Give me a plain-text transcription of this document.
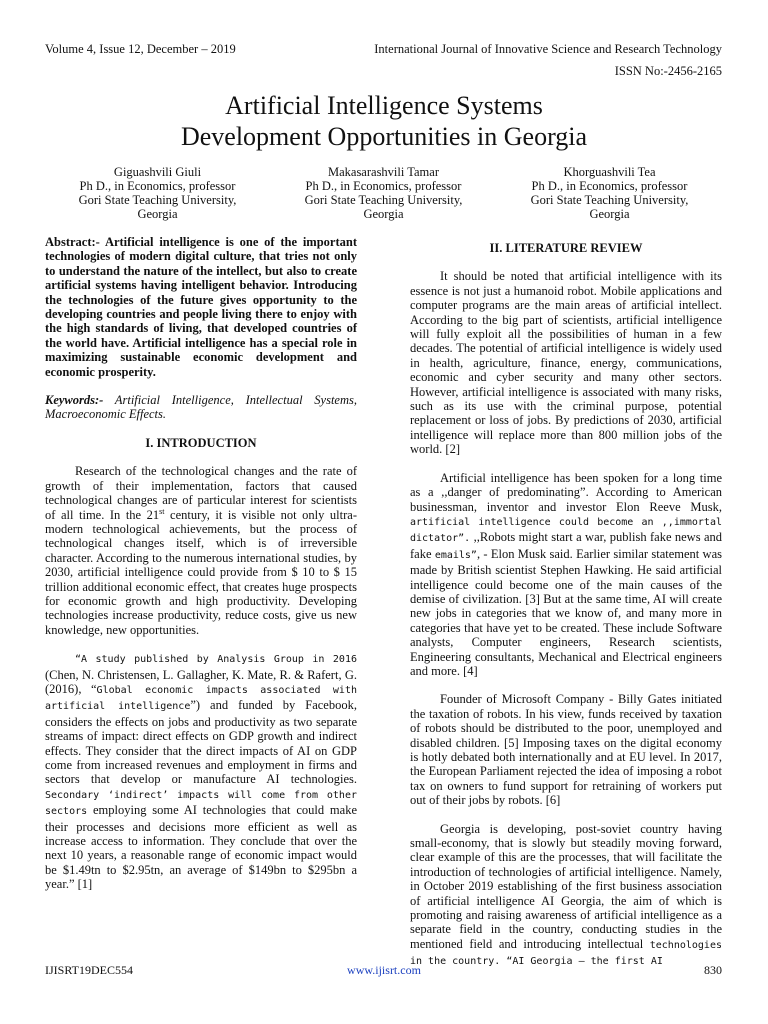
Volume 4, Issue 12, December – 2019	International Journal of Innovative Science and Research Technology
ISSN No:-2456-2165
Artificial Intelligence Systems
Development Opportunities in Georgia
Giguashvili Giuli
Ph D., in Economics, professor
Gori State Teaching University,
Georgia
Makasarashvili Tamar
Ph D., in Economics, professor
Gori State Teaching University,
Georgia
Khorguashvili Tea
Ph D., in Economics, professor
Gori State Teaching University,
Georgia

Abstract:- Artificial intelligence is one of the important technologies of modern digital culture, that tries not only to understand the nature of the intellect, but also to create artificial systems having intelligent behavior. Introducing the technologies of the future gives opportunity to the developing countries and people living there to enjoy with the high standards of living, that developed countries of the world have. Artificial intelligence has a special role in maximizing sustainable economic development and economic prosperity.

Keywords:- Artificial Intelligence, Intellectual Systems, Macroeconomic Effects.

I. INTRODUCTION

Research of the technological changes and the rate of growth of their implementation, factors that caused technological changes are of particular interest for scientists of all time. In the 21st century, it is visible not only ultra-modern technological achievements, but the process of technological changes itself, which is of irreversible character. According to the numerous international studies, by 2030, artificial intelligence could provide from $ 10 to $ 15 trillion additional economic effect, that creates huge prospects for economic growth and high productivity. Developing technologies increase productivity, reduce costs, give us new knowledge, new opportunities.

“A study published by Analysis Group in 2016 (Chen, N. Christensen, L. Gallagher, K. Mate, R. & Rafert, G. (2016), “Global economic impacts associated with artificial intelligence”) and funded by Facebook, considers the effects on jobs and productivity as two separate streams of impact: direct effects on GDP growth and indirect effects. They consider that the direct impacts of AI on GDP come from increased revenues and employment in firms and sectors that develop or manufacture AI technologies. Secondary ‘indirect’ impacts will come from other sectors employing some AI technologies that could make their processes and decisions more efficient as well as increase access to information. They conclude that over the next 10 years, a reasonable range of economic impact would be $1.49tn to $2.95tn, an average of $149bn to $295bn a year.” [1]

II. LITERATURE REVIEW

It should be noted that artificial intelligence with its essence is not just a humanoid robot. Mobile applications and computer programs are the main areas of artificial intellect. According to the big part of scientists, artificial intelligence will fully exploit all the possibilities of human in a few decades. The potential of artificial intelligence is widely used in health, agriculture, finance, energy, communications, economic and cyber security and many other sectors. However, artificial intelligence is associated with many risks, such as its use with the criminal purpose, potential replacement or loss of jobs. By predictions of 2030, artificial intelligence will replace more than 800 million jobs of the world. [2]

Artificial intelligence has been spoken for a long time as a ,,danger of predominating”. According to American businessman, inventor and investor Elon Reeve Musk, artificial intelligence could become an ,,immortal dictator”. ,,Robots might start a war, publish fake news and fake emails”, - Elon Musk said. Earlier similar statement was made by British scientist Stephen Hawking. He said artificial intelligence could become one of the main causes of the demise of civilization. [3] But at the same time, AI will create new jobs in categories that we know of, and many more in categories that have yet to be created. These include Software analysts, Computer engineers, Research scientists, Engineering consultants, Mechanical and Electrical engineers and more. [4]

Founder of Microsoft Company - Billy Gates initiated the taxation of robots. In his view, funds received by taxation of robots should be distributed to the poor, unemployed and disabled children. [5] Imposing taxes on the digital economy is hotly debated both internationally and at EU level. In 2017, the European Parliament rejected the idea of imposing a robot tax on owners to fund support for retraining of workers put out of their jobs by robots. [6]

Georgia is developing, post-soviet country having small-economy, that is slowly but steadily moving forward, clear example of this are the processes, that will facilitate the introduction of technologies of artificial intelligence. Namely, in October 2019 establishing of the first business association of artificial intelligence AI Georgia, the aim of which is promoting and raising awareness of artificial intelligence as a separate field in the country, conducting studies in the mentioned field and introducing intellectual technologies in the country. “AI Georgia – the first AI

IJISRT19DEC554	www.ijisrt.com	830
